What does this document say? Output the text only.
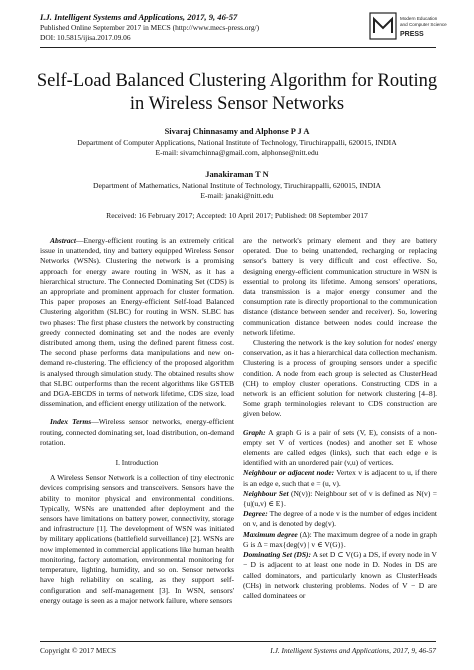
I.J. Intelligent Systems and Applications, 2017, 9, 46-57
Published Online September 2017 in MECS (http://www.mecs-press.org/)
DOI: 10.5815/ijisa.2017.09.06
Modern Education
and Computer Science
PRESS
Self-Load Balanced Clustering Algorithm for Routing in Wireless Sensor Networks
Sivaraj Chinnasamy and Alphonse P J A
Department of Computer Applications, National Institute of Technology, Tiruchirappalli, 620015, INDIA
E-mail: sivamchinna@gmail.com, alphonse@nitt.edu
Janakiraman T N
Department of Mathematics, National Institute of Technology, Tiruchirappalli, 620015, INDIA
E-mail: janaki@nitt.edu
Received: 16 February 2017; Accepted: 10 April 2017; Published: 08 September 2017

Abstract—Energy-efficient routing is an extremely critical issue in unattended, tiny and battery equipped Wireless Sensor Networks (WSNs). Clustering the network is a promising approach for energy aware routing in WSN, as it has a hierarchical structure. The Connected Dominating Set (CDS) is an appropriate and prominent approach for cluster formation. This paper proposes an Energy-efficient Self-load Balanced Clustering algorithm (SLBC) for routing in WSN. SLBC has two phases: The first phase clusters the network by constructing greedy connected dominating set and the nodes are evenly distributed among them, using the defined parent fitness cost. The second phase performs data manipulations and new on-demand re-clustering. The efficiency of the proposed algorithm is analysed through simulation study. The obtained results show that SLBC outperforms than the recent algorithms like GSTEB and DGA-EBCDS in terms of network lifetime, CDS size, load dissemination, and efficient energy utilization of the network.

Index Terms—Wireless sensor networks, energy-efficient routing, connected dominating set, load distribution, on-demand rotation.

I. Introduction

A Wireless Sensor Network is a collection of tiny electronic devices comprising sensors and transceivers. Sensors have the ability to monitor physical and environmental conditions. Typically, WSNs are unattended after deployment and the sensors have limitations on battery power, connectivity, storage and infrastructure [1]. The development of WSN was initiated by military applications (battlefield surveillance) [2]. WSNs are now implemented in commercial applications like human health monitoring, factory automation, environmental monitoring for temperature, lighting, humidity, and so on. Sensor networks have high reliability on scaling, as they support self-configuration and self-management [3]. In WSN, sensors' energy outage is seen as a major network failure, where sensors

are the network's primary element and they are battery operated. Due to being unattended, recharging or replacing sensor's battery is very difficult and cost effective. So, designing energy-efficient communication structure in WSN is essential to prolong its lifetime. Among sensors' operations, data transmission is a major energy consumer and the consumption rate is directly proportional to the communication distance (distance between sender and receiver). So, lowering communication distance between nodes could increase the network lifetime.

Clustering the network is the key solution for nodes' energy conservation, as it has a hierarchical data collection mechanism. Clustering is a process of grouping sensors under a specific condition. A node from each group is selected as ClusterHead (CH) to employ cluster operations. Constructing CDS in a network is an efficient solution for network clustering [4–8]. Some graph terminologies relevant to CDS construction are given below.

Graph: A graph G is a pair of sets (V, E), consists of a non-empty set V of vertices (nodes) and another set E whose elements are called edges (links), such that each edge e is identified with an unordered pair (v,u) of vertices.

Neighbour or adjacent node: Vertex v is adjacent to u, if there is an edge e, such that e = (u, v).

Neighbour Set (N(v)): Neighbour set of v is defined as N(v) = {u|(u,v) ∈ E}.

Degree: The degree of a node v is the number of edges incident on v, and is denoted by deg(v).

Maximum degree (Δ): The maximum degree of a node in graph G is Δ = max{deg(v) | v ∈ V(G)}.

Dominating Set (DS): A set D ⊂ V(G) a DS, if every node in V − D is adjacent to at least one node in D. Nodes in DS are called dominators, and particularly known as ClusterHeads (CHs) in network clustering problems. Nodes of V − D are called dominatees or

Copyright © 2017 MECS	I.J. Intelligent Systems and Applications, 2017, 9, 46-57
